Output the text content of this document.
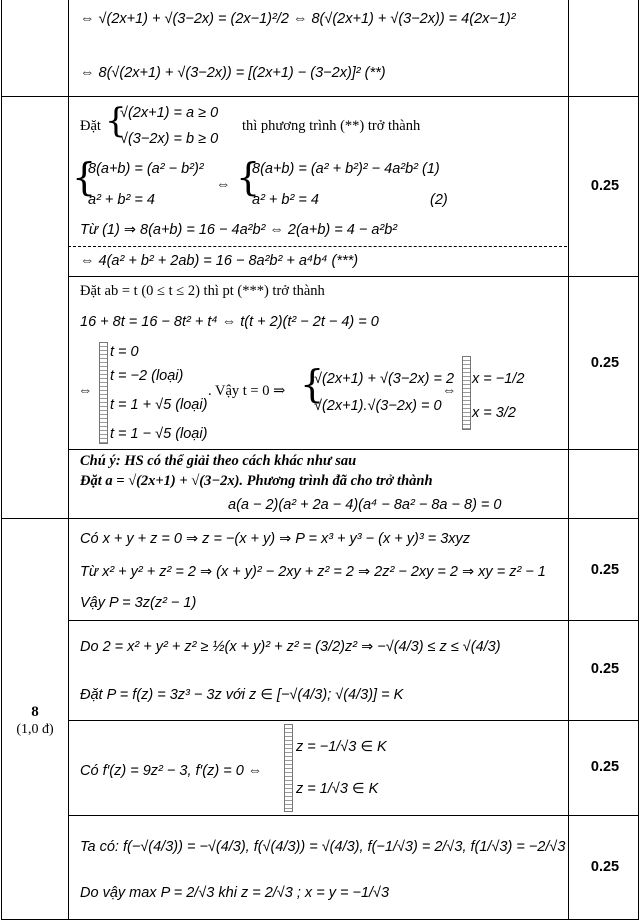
⇔ √(2x+1) + √(3−2x) = (2x−1)²/2 ⇔ 8(√(2x+1) + √(3−2x)) = 4(2x−1)²
⇔ 8(√(2x+1) + √(3−2x)) = [(2x+1) − (3−2x)]² (**)
Đặt {
√(2x+1) = a ≥ 0
√(3−2x) = b ≥ 0
thì phương trình (**) trở thành
{
8(a+b) = (a² − b²)²
a² + b² = 4
⇔ {
8(a+b) = (a² + b²)² − 4a²b² (1)
a² + b² = 4	(2)
Từ (1) ⇒ 8(a+b) = 16 − 4a²b² ⇔ 2(a+b) = 4 − a²b²
⇔ 4(a² + b² + 2ab) = 16 − 8a²b² + a⁴b⁴ (***)
0.25
Đặt ab = t (0 ≤ t ≤ 2) thì pt (***) trở thành
16 + 8t = 16 − 8t² + t⁴ ⇔ t(t + 2)(t² − 2t − 4) = 0
⇔
t = 0
t = −2 (loại)
t = 1 + √5 (loại)
t = 1 − √5 (loại)
. Vậy t = 0 ⇒ {
√(2x+1) + √(3−2x) = 2
√(2x+1).√(3−2x) = 0
⇔
x = −1/2
x = 3/2
0.25
Chú ý: HS có thể giải theo cách khác như sau
Đặt a = √(2x+1) + √(3−2x). Phương trình đã cho trở thành
a(a − 2)(a² + 2a − 4)(a⁴ − 8a² − 8a − 8) = 0
8
(1,0 đ)
Có x + y + z = 0 ⇒ z = −(x + y) ⇒ P = x³ + y³ − (x + y)³ = 3xyz
Từ x² + y² + z² = 2 ⇒ (x + y)² − 2xy + z² = 2 ⇒ 2z² − 2xy = 2 ⇒ xy = z² − 1
Vậy P = 3z(z² − 1)
0.25
Do 2 = x² + y² + z² ≥ ½(x + y)² + z² = (3/2)z² ⇒ −√(4/3) ≤ z ≤ √(4/3)
Đặt P = f(z) = 3z³ − 3z với z ∈ [−√(4/3); √(4/3)] = K
0.25
Có f′(z) = 9z² − 3, f′(z) = 0 ⇔
z = −1/√3 ∈ K
z = 1/√3 ∈ K
0.25
Ta có: f(−√(4/3)) = −√(4/3), f(√(4/3)) = √(4/3), f(−1/√3) = 2/√3, f(1/√3) = −2/√3
Do vậy max P = 2/√3 khi z = 2/√3 ; x = y = −1/√3
0.25
